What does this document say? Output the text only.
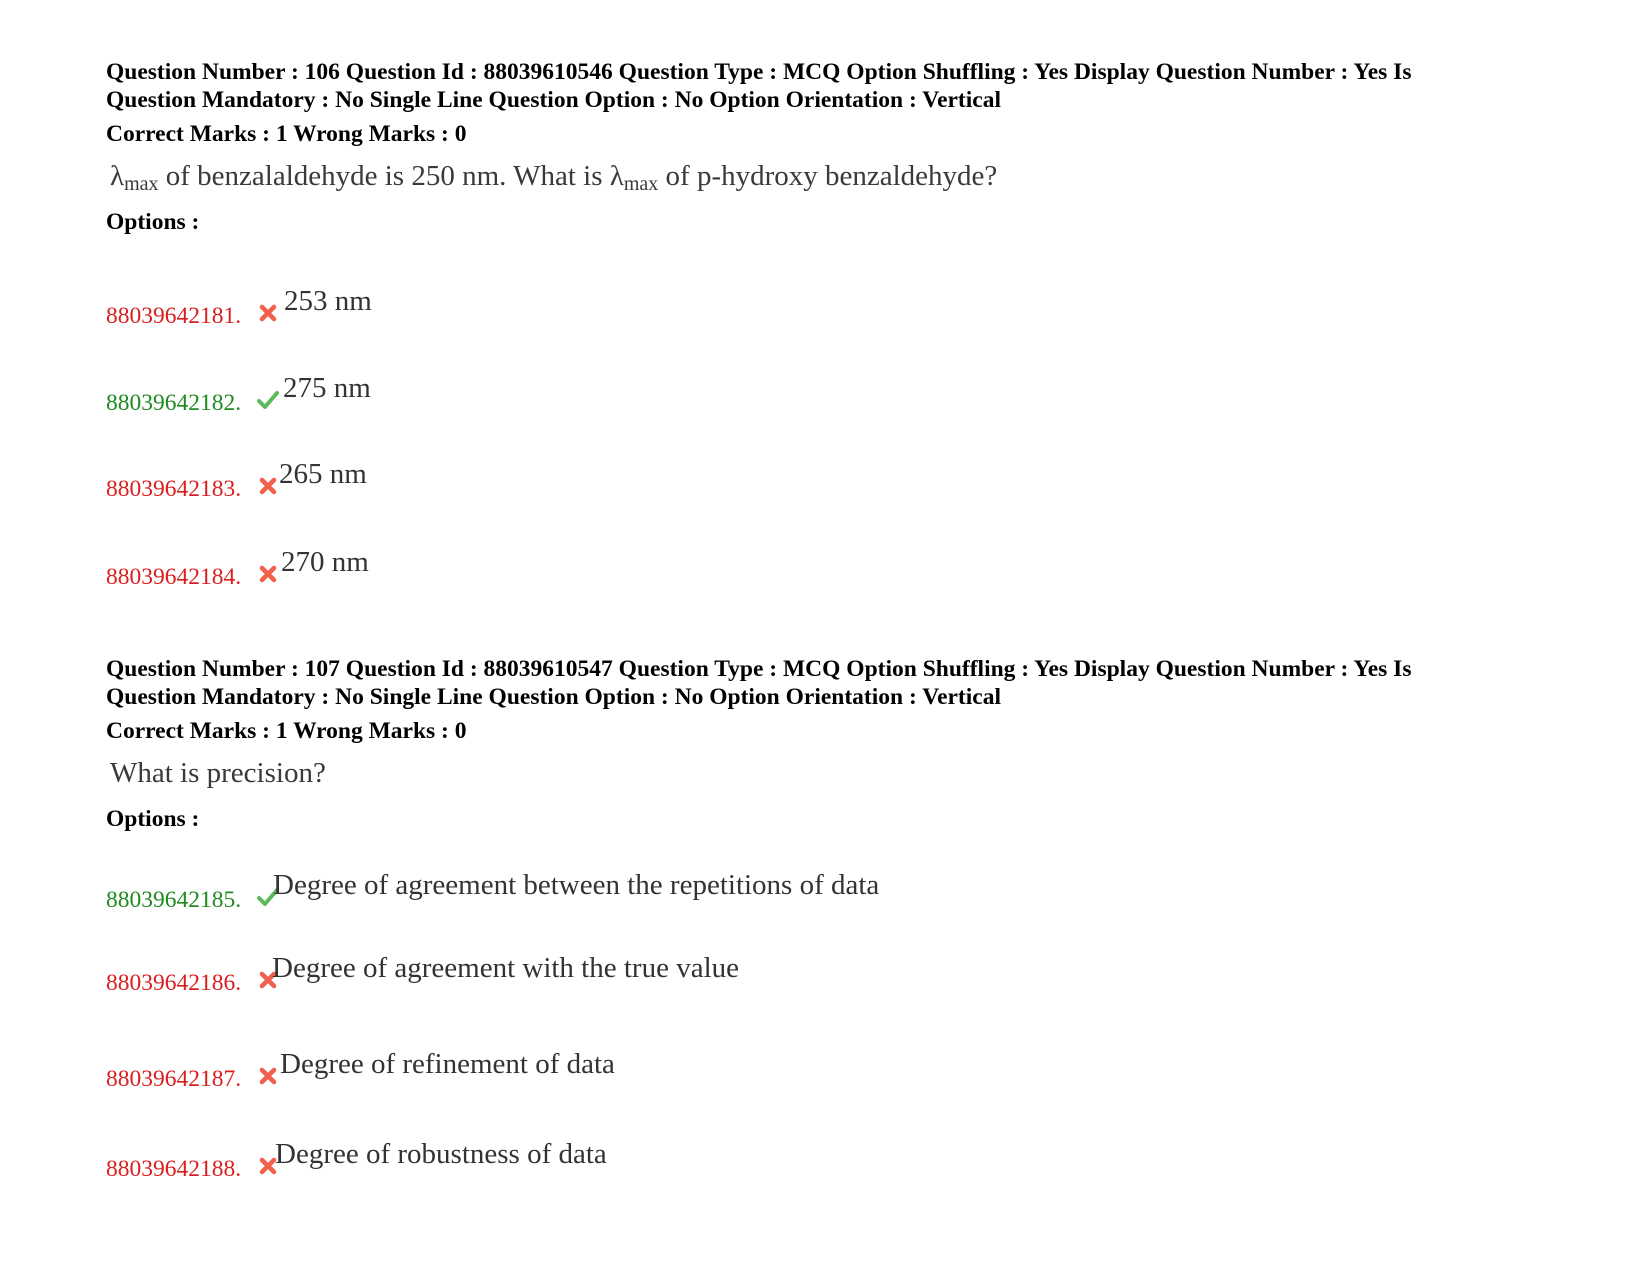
Question Number : 106 Question Id : 88039610546 Question Type : MCQ Option Shuffling : Yes Display Question Number : Yes Is
Question Mandatory : No Single Line Question Option : No Option Orientation : Vertical
Correct Marks : 1 Wrong Marks : 0
$\lambda_{max}$ of benzalaldehyde is 250 nm. What is $\lambda_{max}$ of p-hydroxy benzaldehyde?
Options :
88039642181. 253 nm
88039642182. 275 nm
88039642183. 265 nm
88039642184. 270 nm
Question Number : 107 Question Id : 88039610547 Question Type : MCQ Option Shuffling : Yes Display Question Number : Yes Is
Question Mandatory : No Single Line Question Option : No Option Orientation : Vertical
Correct Marks : 1 Wrong Marks : 0
What is precision?
Options :
88039642185. Degree of agreement between the repetitions of data
88039642186. Degree of agreement with the true value
88039642187. Degree of refinement of data
88039642188. Degree of robustness of data
